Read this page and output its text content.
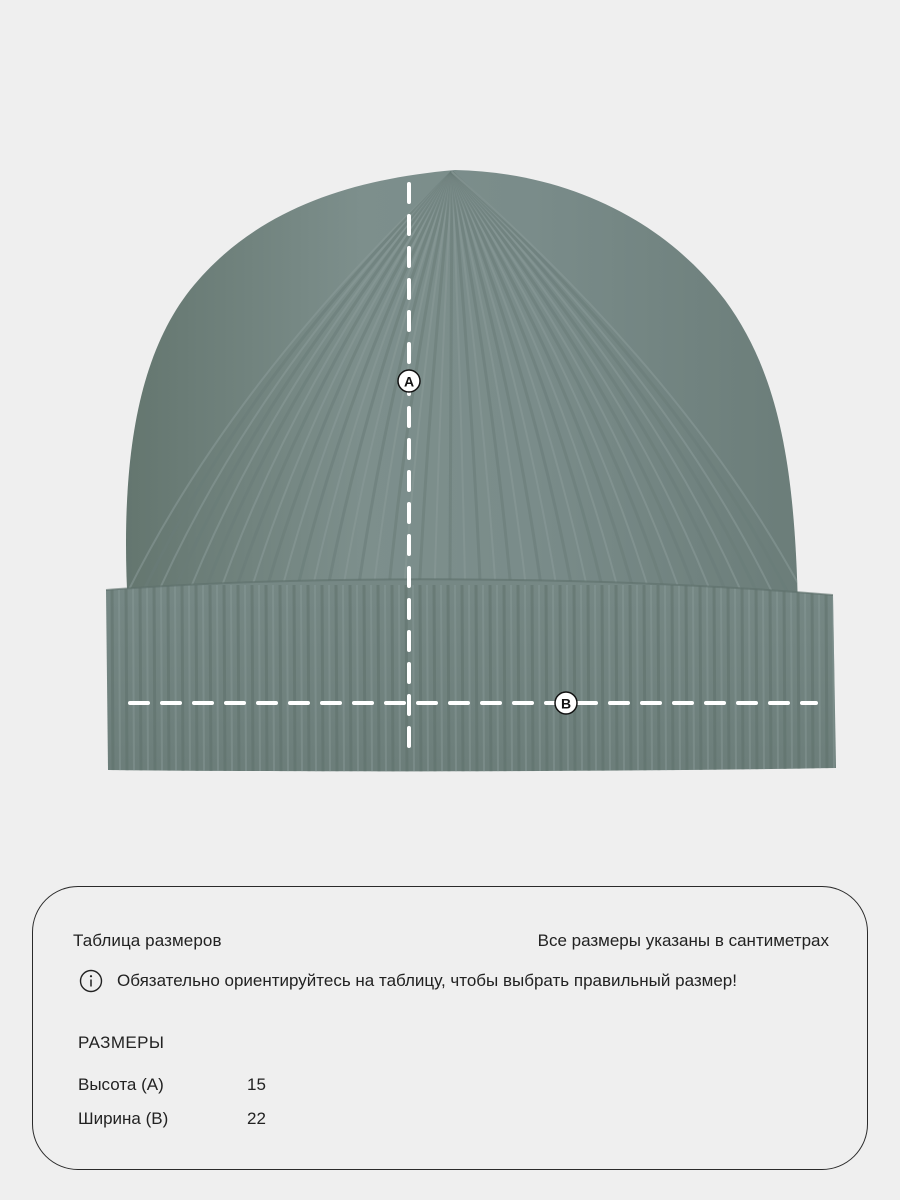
A
B
Таблица размеров	Все размеры указаны в сантиметрах
Обязательно ориентируйтесь на таблицу, чтобы выбрать правильный размер!
РАЗМЕРЫ
Высота (A)	15
Ширина (B)	22
